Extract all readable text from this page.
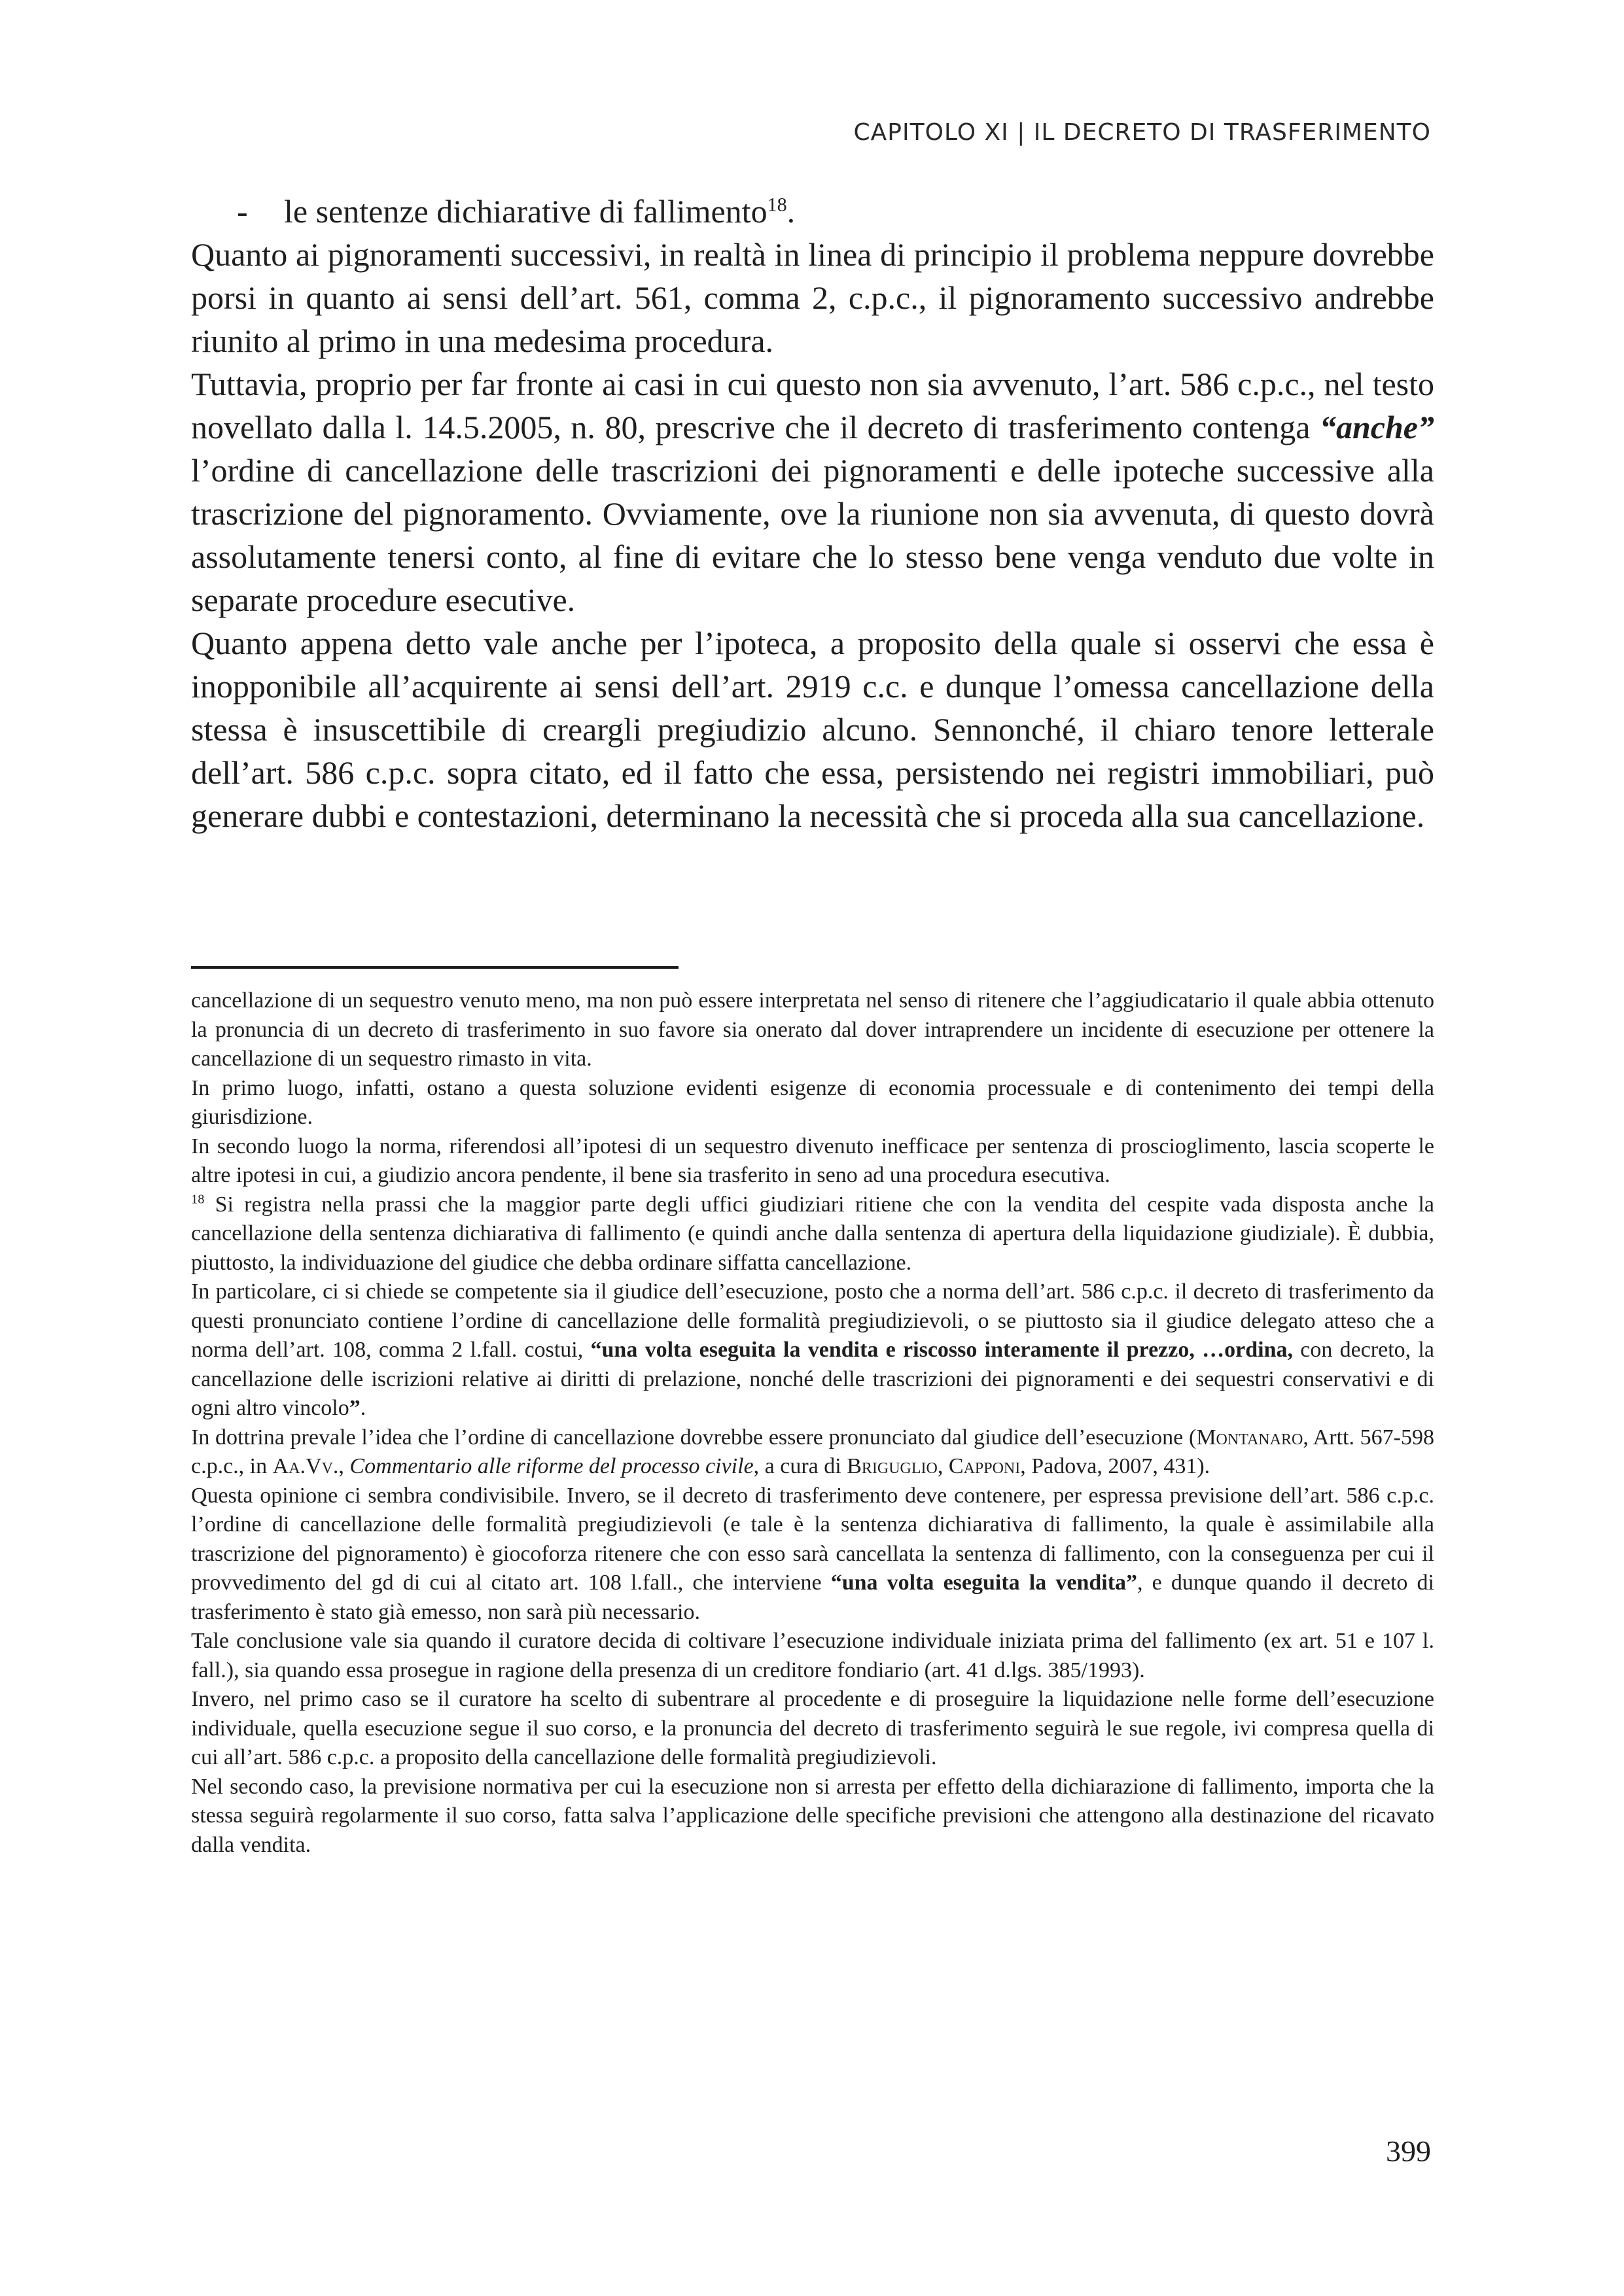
CAPITOLO XI | IL DECRETO DI TRASFERIMENTO

-	le sentenze dichiarative di fallimento$^{18}$.

Quanto ai pignoramenti successivi, in realtà in linea di principio il problema neppure dovrebbe porsi in quanto ai sensi dell’art. 561, comma 2, c.p.c., il pignoramento successivo andrebbe riunito al primo in una medesima procedura.

Tuttavia, proprio per far fronte ai casi in cui questo non sia avvenuto, l’art. 586 c.p.c., nel testo novellato dalla l. 14.5.2005, n. 80, prescrive che il decreto di trasferimento contenga “anche” l’ordine di cancellazione delle trascrizioni dei pignoramenti e delle ipoteche successive alla trascrizione del pignoramento. Ovviamente, ove la riunione non sia avvenuta, di questo dovrà assolutamente tenersi conto, al fine di evitare che lo stesso bene venga venduto due volte in separate procedure esecutive.

Quanto appena detto vale anche per l’ipoteca, a proposito della quale si osservi che essa è inopponibile all’acquirente ai sensi dell’art. 2919 c.c. e dunque l’omessa cancellazione della stessa è insuscettibile di creargli pregiudizio alcuno. Sennonché, il chiaro tenore letterale dell’art. 586 c.p.c. sopra citato, ed il fatto che essa, persistendo nei registri immobiliari, può generare dubbi e contestazioni, determinano la necessità che si proceda alla sua cancellazione.

cancellazione di un sequestro venuto meno, ma non può essere interpretata nel senso di ritenere che l’aggiudicatario il quale abbia ottenuto la pronuncia di un decreto di trasferimento in suo favore sia onerato dal dover intraprendere un incidente di esecuzione per ottenere la cancellazione di un sequestro rimasto in vita.

In primo luogo, infatti, ostano a questa soluzione evidenti esigenze di economia processuale e di contenimento dei tempi della giurisdizione.

In secondo luogo la norma, riferendosi all’ipotesi di un sequestro divenuto inefficace per sentenza di proscioglimento, lascia scoperte le altre ipotesi in cui, a giudizio ancora pendente, il bene sia trasferito in seno ad una procedura esecutiva.

$^{18}$ Si registra nella prassi che la maggior parte degli uffici giudiziari ritiene che con la vendita del cespite vada disposta anche la cancellazione della sentenza dichiarativa di fallimento (e quindi anche dalla sentenza di apertura della liquidazione giudiziale). È dubbia, piuttosto, la individuazione del giudice che debba ordinare siffatta cancellazione.

In particolare, ci si chiede se competente sia il giudice dell’esecuzione, posto che a norma dell’art. 586 c.p.c. il decreto di trasferimento da questi pronunciato contiene l’ordine di cancellazione delle formalità pregiudizievoli, o se piuttosto sia il giudice delegato atteso che a norma dell’art. 108, comma 2 l.fall. costui, “una volta eseguita la vendita e riscosso interamente il prezzo, …ordina, con decreto, la cancellazione delle iscrizioni relative ai diritti di prelazione, nonché delle trascrizioni dei pignoramenti e dei sequestri conservativi e di ogni altro vincolo”.

In dottrina prevale l’idea che l’ordine di cancellazione dovrebbe essere pronunciato dal giudice dell’esecuzione (Montanaro, Artt. 567-598 c.p.c., in Aa.Vv., Commentario alle riforme del processo civile, a cura di Briguglio, Capponi, Padova, 2007, 431).

Questa opinione ci sembra condivisibile. Invero, se il decreto di trasferimento deve contenere, per espressa previsione dell’art. 586 c.p.c. l’ordine di cancellazione delle formalità pregiudizievoli (e tale è la sentenza dichiarativa di fallimento, la quale è assimilabile alla trascrizione del pignoramento) è giocoforza ritenere che con esso sarà cancellata la sentenza di fallimento, con la conseguenza per cui il provvedimento del gd di cui al citato art. 108 l.fall., che interviene “una volta eseguita la vendita”, e dunque quando il decreto di trasferimento è stato già emesso, non sarà più necessario.

Tale conclusione vale sia quando il curatore decida di coltivare l’esecuzione individuale iniziata prima del fallimento (ex art. 51 e 107 l. fall.), sia quando essa prosegue in ragione della presenza di un creditore fondiario (art. 41 d.lgs. 385/1993).

Invero, nel primo caso se il curatore ha scelto di subentrare al procedente e di proseguire la liquidazione nelle forme dell’esecuzione individuale, quella esecuzione segue il suo corso, e la pronuncia del decreto di trasferimento seguirà le sue regole, ivi compresa quella di cui all’art. 586 c.p.c. a proposito della cancellazione delle formalità pregiudizievoli.

Nel secondo caso, la previsione normativa per cui la esecuzione non si arresta per effetto della dichiarazione di fallimento, importa che la stessa seguirà regolarmente il suo corso, fatta salva l’applicazione delle specifiche previsioni che attengono alla destinazione del ricavato dalla vendita.

399
